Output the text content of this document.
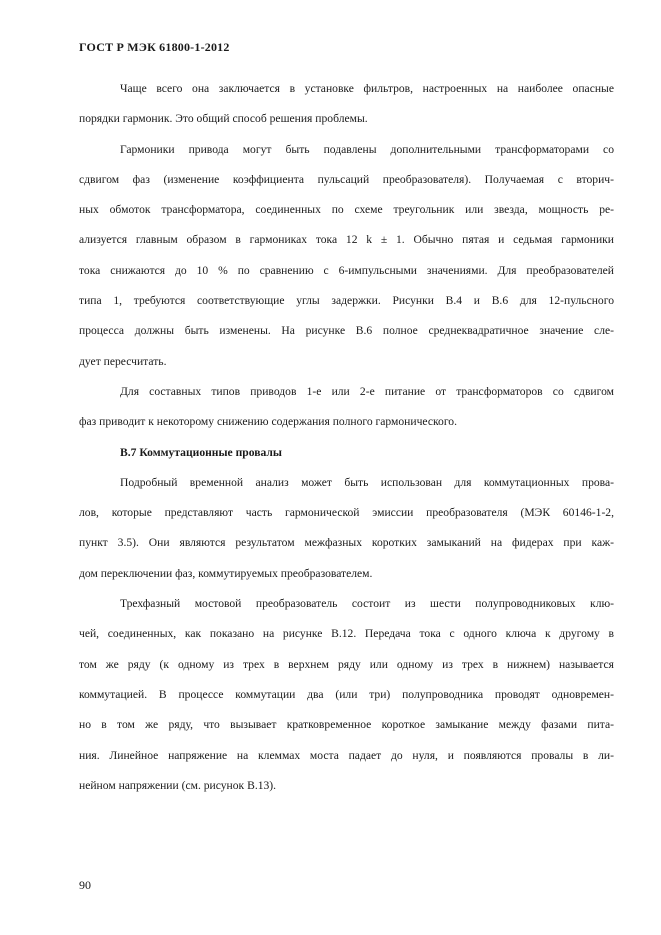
ГОСТ Р МЭК 61800-1-2012
Чаще всего она заключается в установке фильтров, настроенных на наиболее опасные
порядки гармоник. Это общий способ решения проблемы.
Гармоники привода могут быть подавлены дополнительными трансформаторами со
сдвигом фаз (изменение коэффициента пульсаций преобразователя). Получаемая с вторич-
ных обмоток трансформатора, соединенных по схеме треугольник или звезда, мощность ре-
ализуется главным образом в гармониках тока 12 k ± 1. Обычно пятая и седьмая гармоники
тока снижаются до 10 % по сравнению с 6-импульсными значениями. Для преобразователей
типа 1, требуются соответствующие углы задержки. Рисунки В.4 и В.6 для 12-пульсного
процесса должны быть изменены. На рисунке В.6 полное среднеквадратичное значение сле-
дует пересчитать.
Для составных типов приводов 1-е или 2-е питание от трансформаторов со сдвигом
фаз приводит к некоторому снижению содержания полного гармонического.
В.7 Коммутационные провалы
Подробный временной анализ может быть использован для коммутационных прова-
лов, которые представляют часть гармонической эмиссии преобразователя (МЭК 60146-1-2,
пункт 3.5). Они являются результатом межфазных коротких замыканий на фидерах при каж-
дом переключении фаз, коммутируемых преобразователем.
Трехфазный мостовой преобразователь состоит из шести полупроводниковых клю-
чей, соединенных, как показано на рисунке В.12. Передача тока с одного ключа к другому в
том же ряду (к одному из трех в верхнем ряду или одному из трех в нижнем) называется
коммутацией. В процессе коммутации два (или три) полупроводника проводят одновремен-
но в том же ряду, что вызывает кратковременное короткое замыкание между фазами пита-
ния. Линейное напряжение на клеммах моста падает до нуля, и появляются провалы в ли-
нейном напряжении (см. рисунок В.13).
90
